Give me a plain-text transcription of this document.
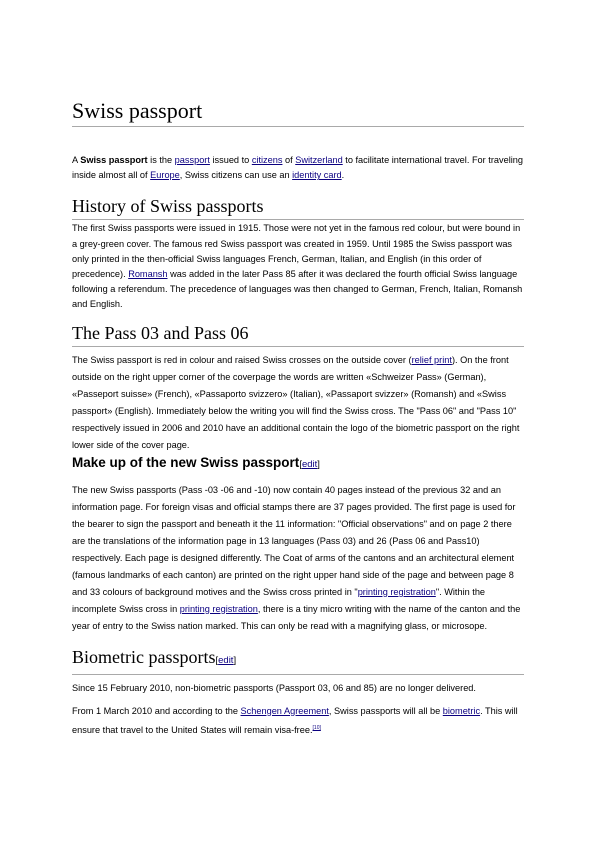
Swiss passport

A Swiss passport is the passport issued to citizens of Switzerland to facilitate international travel. For traveling inside almost all of Europe, Swiss citizens can use an identity card.

History of Swiss passports

The first Swiss passports were issued in 1915. Those were not yet in the famous red colour, but were bound in a grey-green cover. The famous red Swiss passport was created in 1959. Until 1985 the Swiss passport was only printed in the then-official Swiss languages French, German, Italian, and English (in this order of precedence). Romansh was added in the later Pass 85 after it was declared the fourth official Swiss language following a referendum. The precedence of languages was then changed to German, French, Italian, Romansh and English.

The Pass 03 and Pass 06

The Swiss passport is red in colour and raised Swiss crosses on the outside cover (relief print). On the front outside on the right upper corner of the coverpage the words are written «Schweizer Pass» (German), «Passeport suisse» (French), «Passaporto svizzero» (Italian), «Passaport svizzer» (Romansh) and «Swiss passport» (English). Immediately below the writing you will find the Swiss cross. The "Pass 06" and "Pass 10" respectively issued in 2006 and 2010 have an additional contain the logo of the biometric passport on the right lower side of the cover page.

Make up of the new Swiss passport[edit]

The new Swiss passports (Pass -03 -06 and -10) now contain 40 pages instead of the previous 32 and an information page. For foreign visas and official stamps there are 37 pages provided. The first page is used for the bearer to sign the passport and beneath it the 11 information: "Official observations" and on page 2 there are the translations of the information page in 13 languages (Pass 03) and 26 (Pass 06 and Pass10) respectively. Each page is designed differently. The Coat of arms of the cantons and an architectural element (famous landmarks of each canton) are printed on the right upper hand side of the page and between page 8 and 33 colours of background motives and the Swiss cross printed in "printing registration". Within the incomplete Swiss cross in printing registration, there is a tiny micro writing with the name of the canton and the year of entry to the Swiss nation marked. This can only be read with a magnifying glass, or microsope.

Biometric passports[edit]

Since 15 February 2010, non-biometric passports (Passport 03, 06 and 85) are no longer delivered.

From 1 March 2010 and according to the Schengen Agreement, Swiss passports will all be biometric. This will ensure that travel to the United States will remain visa-free.[10]
